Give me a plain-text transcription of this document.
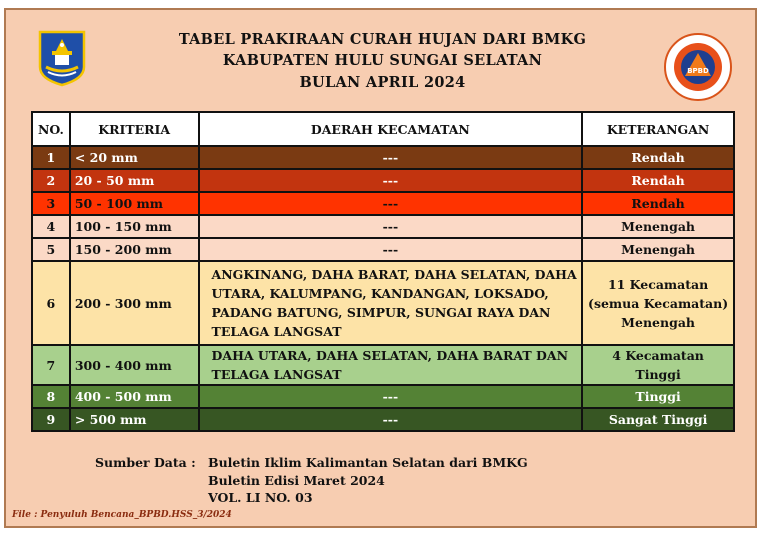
BPBD
TABEL PRAKIRAAN CURAH HUJAN DARI BMKG
KABUPATEN HULU SUNGAI SELATAN
BULAN APRIL 2024
NO.	KRITERIA	DAERAH KECAMATAN	KETERANGAN
1	< 20 mm	---	Rendah
2	20 - 50 mm	---	Rendah
3	50 - 100 mm	---	Rendah
4	100 - 150 mm	---	Menengah
5	150 - 200 mm	---	Menengah
6	200 - 300 mm	ANGKINANG, DAHA BARAT, DAHA SELATAN, DAHA UTARA, KALUMPANG, KANDANGAN, LOKSADO, PADANG BATUNG, SIMPUR, SUNGAI RAYA DAN TELAGA LANGSAT	11 Kecamatan (semua Kecamatan) Menengah
7	300 - 400 mm	DAHA UTARA, DAHA SELATAN, DAHA BARAT DAN TELAGA LANGSAT	4 Kecamatan Tinggi
8	400 - 500 mm	---	Tinggi
9	> 500 mm	---	Sangat Tinggi
Sumber Data : Buletin Iklim Kalimantan Selatan dari BMKG
Buletin Edisi Maret 2024
VOL. LI NO. 03
File : Penyuluh Bencana_BPBD.HSS_3/2024
